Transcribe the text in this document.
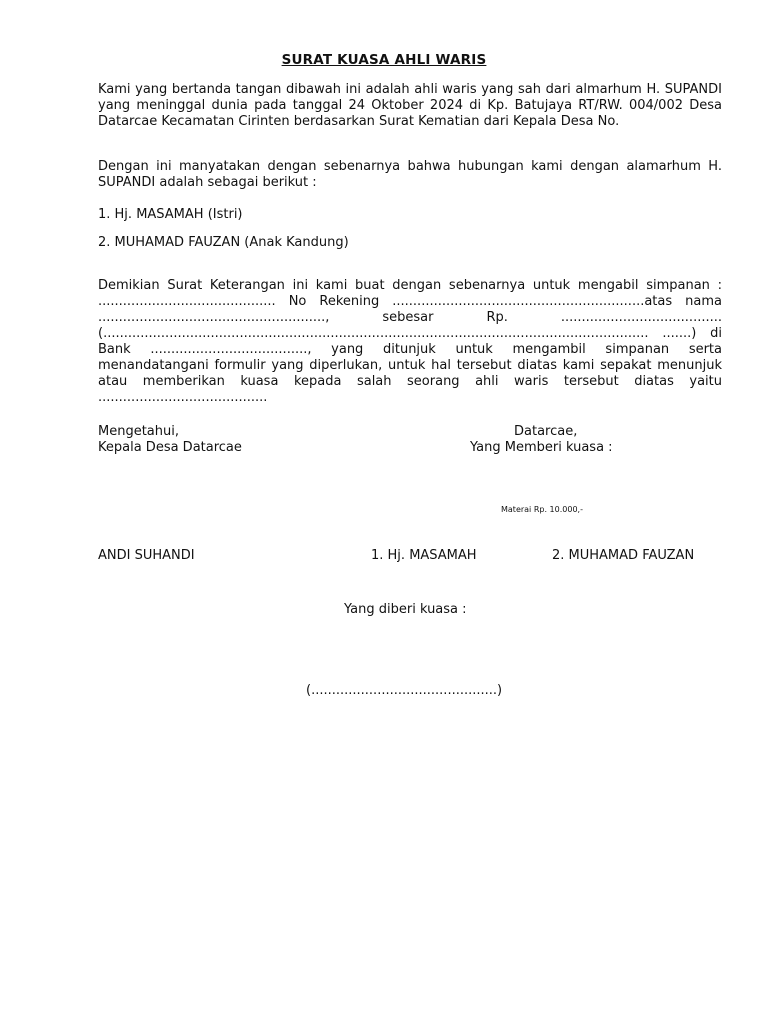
SURAT KUASA AHLI WARIS

Kami yang bertanda tangan dibawah ini adalah ahli waris yang sah dari almarhum H. SUPANDI yang meninggal dunia pada tanggal 24 Oktober 2024 di Kp. Batujaya RT/RW. 004/002 Desa Datarcae Kecamatan Cirinten berdasarkan Surat Kematian dari Kepala Desa No.

Dengan ini manyatakan dengan sebenarnya bahwa hubungan kami dengan alamarhum H. SUPANDI adalah sebagai berikut :

1. Hj. MASAMAH (Istri)

2. MUHAMAD FAUZAN (Anak Kandung)

Demikian Surat Keterangan ini kami buat dengan sebenarnya untuk mengabil simpanan : ........................................... No Rekening .............................................................atas nama ......................................................., sebesar Rp. ....................................... (.................................................................................................................................... .......) di Bank ......................................, yang ditunjuk untuk mengambil simpanan serta menandatangani formulir yang diperlukan, untuk hal tersebut diatas kami sepakat menunjuk atau memberikan kuasa kepada salah seorang ahli waris tersebut diatas yaitu .........................................

Mengetahui,

Kepala Desa Datarcae

Datarcae,

Yang Memberi kuasa :

Materai Rp. 10.000,-

ANDI SUHANDI	1. Hj. MASAMAH	2. MUHAMAD FAUZAN

Yang diberi kuasa :

(.............................................)
